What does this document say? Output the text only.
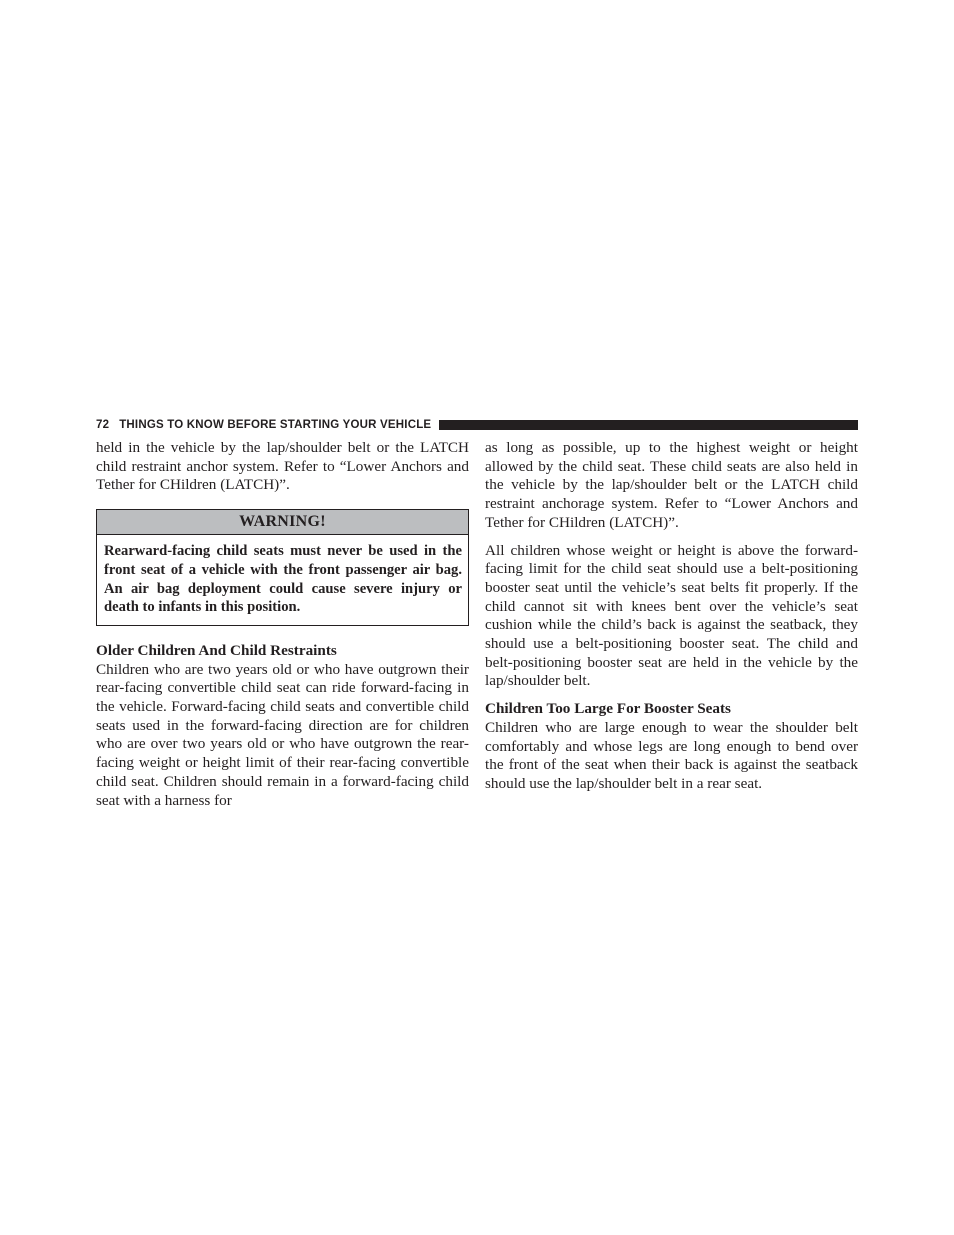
72 THINGS TO KNOW BEFORE STARTING YOUR VEHICLE

held in the vehicle by the lap/shoulder belt or the LATCH child restraint anchor system. Refer to “Lower Anchors and Tether for CHildren (LATCH)”.

WARNING!
Rearward-facing child seats must never be used in the front seat of a vehicle with the front passenger air bag. An air bag deployment could cause severe injury or death to infants in this position.

Older Children And Child Restraints

Children who are two years old or who have outgrown their rear-facing convertible child seat can ride forward-facing in the vehicle. Forward-facing child seats and convertible child seats used in the forward-facing direction are for children who are over two years old or who have outgrown the rear-facing weight or height limit of their rear-facing convertible child seat. Children should remain in a forward-facing child seat with a harness for

as long as possible, up to the highest weight or height allowed by the child seat. These child seats are also held in the vehicle by the lap/shoulder belt or the LATCH child restraint anchorage system. Refer to “Lower Anchors and Tether for CHildren (LATCH)”.

All children whose weight or height is above the forward-facing limit for the child seat should use a belt-positioning booster seat until the vehicle’s seat belts fit properly. If the child cannot sit with knees bent over the vehicle’s seat cushion while the child’s back is against the seatback, they should use a belt-positioning booster seat. The child and belt-positioning booster seat are held in the vehicle by the lap/shoulder belt.

Children Too Large For Booster Seats

Children who are large enough to wear the shoulder belt comfortably and whose legs are long enough to bend over the front of the seat when their back is against the seatback should use the lap/shoulder belt in a rear seat.
